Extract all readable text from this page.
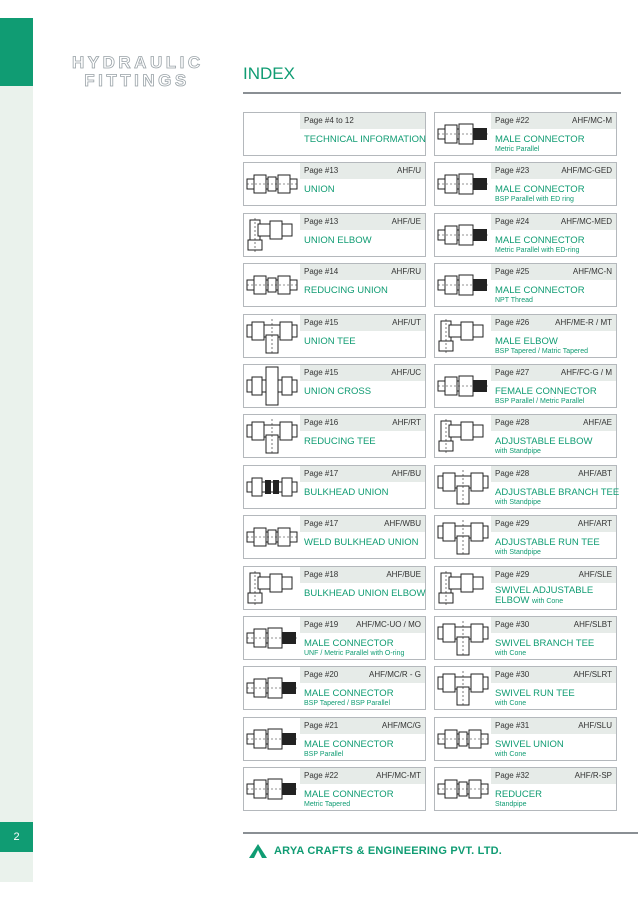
2
HYDRAULIC
FITTINGS	INDEX
Page #4 to 12
TECHNICAL INFORMATION
Page #13	AHF/U
UNION
Page #13	AHF/UE
UNION ELBOW
Page #14	AHF/RU
REDUCING UNION
Page #15	AHF/UT
UNION TEE
Page #15	AHF/UC
UNION CROSS
Page #16	AHF/RT
REDUCING TEE
Page #17	AHF/BU
BULKHEAD UNION
Page #17	AHF/WBU
WELD BULKHEAD UNION
Page #18	AHF/BUE
BULKHEAD UNION ELBOW
Page #19 AHF/MC-UO / MO
MALE CONNECTOR
UNF / Metric Parallel with O-ring
Page #20	AHF/MC/R - G
MALE CONNECTOR
BSP Tapered / BSP Parallel
Page #21	AHF/MC/G
MALE CONNECTOR
BSP Parallel
Page #22	AHF/MC-MT
MALE CONNECTOR
Metric Tapered
Page #22	AHF/MC-M
MALE CONNECTOR
Metric Parallel
Page #23	AHF/MC-GED
MALE CONNECTOR
BSP Parallel with ED ring
Page #24	AHF/MC-MED
MALE CONNECTOR
Metric Parallel with ED-ring
Page #25	AHF/MC-N
MALE CONNECTOR
NPT Thread
Page #26	AHF/ME-R / MT
MALE ELBOW
BSP Tapered / Matric Tapered
Page #27	AHF/FC-G / M
FEMALE CONNECTOR
BSP Parallel / Metric Parallel
Page #28	AHF/AE
ADJUSTABLE ELBOW
with Standpipe
Page #28	AHF/ABT
ADJUSTABLE BRANCH TEE
with Standpipe
Page #29	AHF/ART
ADJUSTABLE RUN TEE
with Standpipe
Page #29	AHF/SLE
SWIVEL ADJUSTABLE
ELBOW with Cone
Page #30	AHF/SLBT
SWIVEL BRANCH TEE
with Cone
Page #30	AHF/SLRT
SWIVEL RUN TEE
with Cone
Page #31	AHF/SLU
SWIVEL UNION
with Cone
Page #32	AHF/R-SP
REDUCER
Standpipe
ARYA CRAFTS & ENGINEERING PVT. LTD.
